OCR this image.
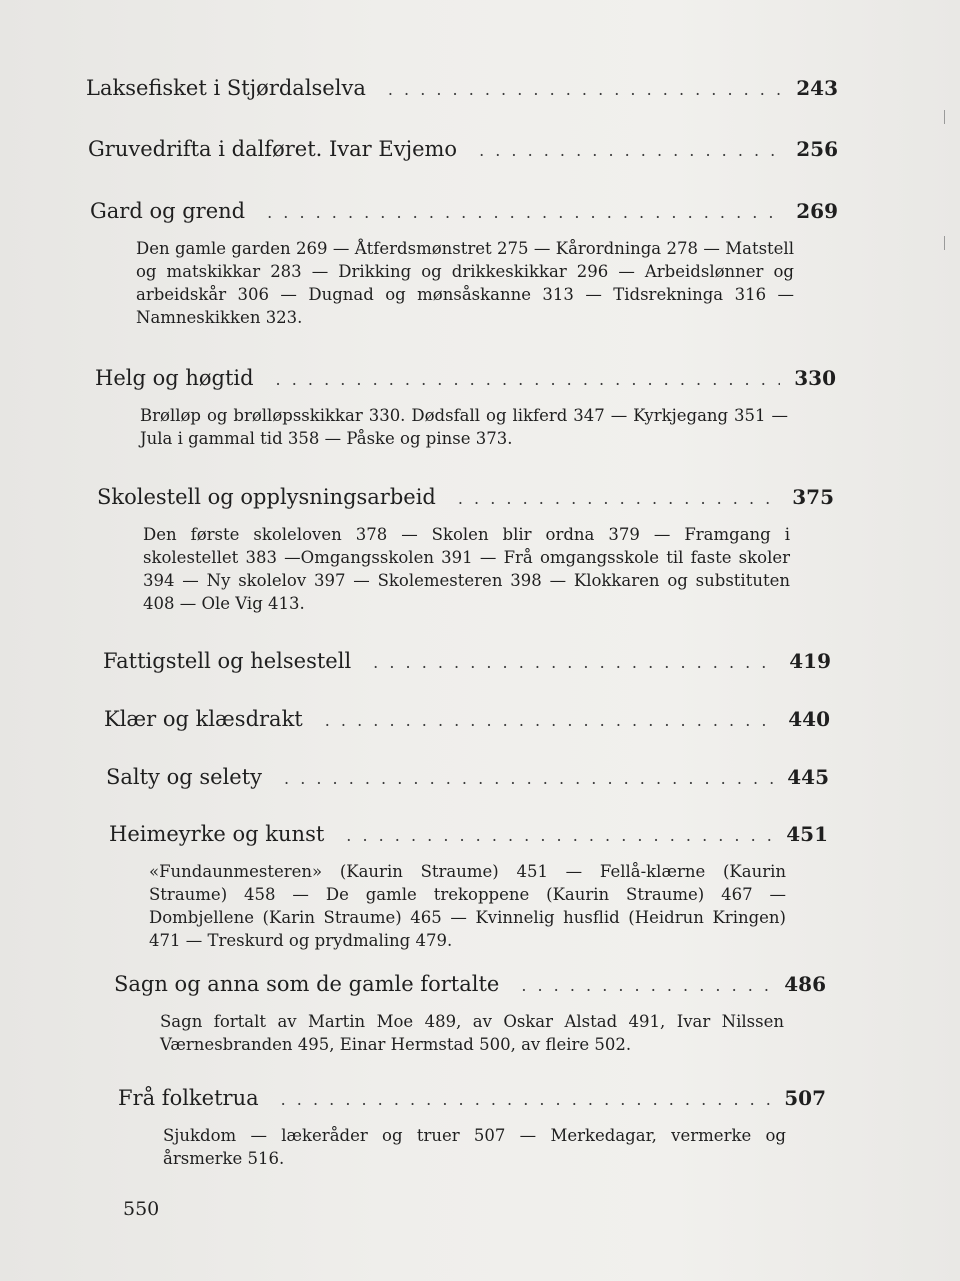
Laksefisket i Stjørdalselva . . .	243
Gruvedrifta i dalføret. Ivar Evjemo . . .	256
Gard og grend . . .	269
Den gamle garden 269 — Åtferdsmønstret 275 — Kårordninga 278 — Matstell og matskikkar 283 — Drikking og drikkeskikkar 296 — Arbeidslønner og arbeidskår 306 — Dugnad og mønsåskanne 313 — Tidsrekninga 316 — Namneskikken 323.
Helg og høgtid . . .	330
Brølløp og brølløpsskikkar 330. Dødsfall og likferd 347 — Kyrkjegang 351 — Jula i gammal tid 358 — Påske og pinse 373.
Skolestell og opplysningsarbeid . . .	375
Den første skoleloven 378 — Skolen blir ordna 379 — Framgang i skolestellet 383 —Omgangsskolen 391 — Frå omgangsskole til faste skoler 394 — Ny skolelov 397 — Skolemesteren 398 — Klokkaren og substituten 408 — Ole Vig 413.
Fattigstell og helsestell . . .	419
Klær og klæsdrakt . . .	440
Salty og selety . . .	445
Heimeyrke og kunst . . .	451
«Fundaunmesteren» (Kaurin Straume) 451 — Fellå-klærne (Kaurin Straume) 458 — De gamle trekoppene (Kaurin Straume) 467 — Dombjellene (Karin Straume) 465 — Kvinnelig husflid (Heidrun Kringen) 471 — Treskurd og prydmaling 479.
Sagn og anna som de gamle fortalte . . .	486
Sagn fortalt av Martin Moe 489, av Oskar Alstad 491, Ivar Nilssen Værnesbranden 495, Einar Hermstad 500, av fleire 502.
Frå folketrua . . .	507
Sjukdom — lækeråder og truer 507 — Merkedagar, vermerke og årsmerke 516.
550
